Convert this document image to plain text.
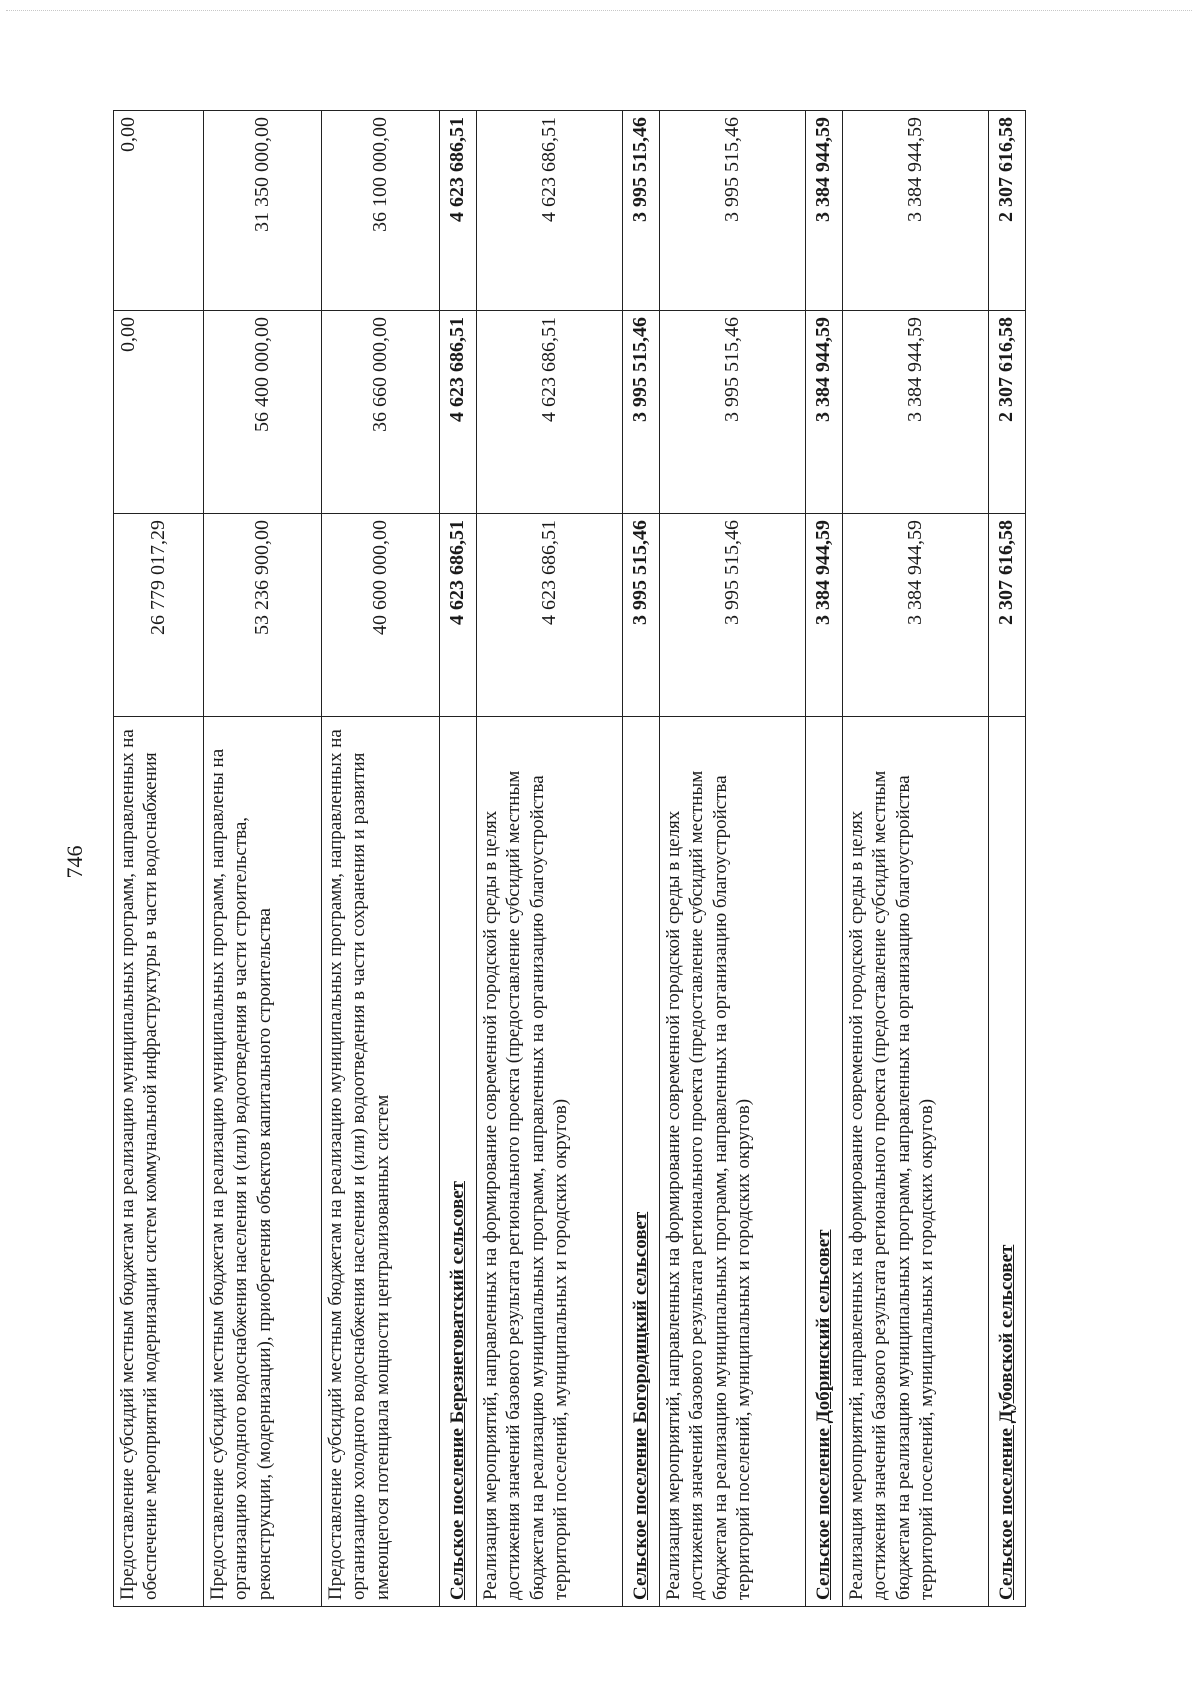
746 Предоставление субсидий местным бюджетам на реализацию муниципальных программ, направленных на обеспечение мероприятий модернизации систем коммунальной инфраструктуры в части водоснабжения	26 779 017,29	0,00	0,00
Предоставление субсидий местным бюджетам на реализацию муниципальных программ, направлены на организацию холодного водоснабжения населения и (или) водоотведения в части строительства, реконструкции, (модернизации), приобретения объектов капитального строительства	53 236 900,00	56 400 000,00	31 350 000,00
Предоставление субсидий местным бюджетам на реализацию муниципальных программ, направленных на организацию холодного водоснабжения населения и (или) водоотведения в части сохранения и развития имеющегося потенциала мощности централизованных систем	40 600 000,00	36 660 000,00	36 100 000,00
Сельское поселение Березнеговатский сельсовет	4 623 686,51	4 623 686,51	4 623 686,51
Реализация мероприятий, направленных на формирование современной городской среды в целях достижения значений базового результата регионального проекта (предоставление субсидий местным бюджетам на реализацию муниципальных программ, направленных на организацию благоустройства территорий поселений, муниципальных и городских округов)	4 623 686,51	4 623 686,51	4 623 686,51
Сельское поселение Богородицкий сельсовет	3 995 515,46	3 995 515,46	3 995 515,46
Реализация мероприятий, направленных на формирование современной городской среды в целях достижения значений базового результата регионального проекта (предоставление субсидий местным бюджетам на реализацию муниципальных программ, направленных на организацию благоустройства территорий поселений, муниципальных и городских округов)	3 995 515,46	3 995 515,46	3 995 515,46
Сельское поселение Добринский сельсовет	3 384 944,59	3 384 944,59	3 384 944,59
Реализация мероприятий, направленных на формирование современной городской среды в целях достижения значений базового результата регионального проекта (предоставление субсидий местным бюджетам на реализацию муниципальных программ, направленных на организацию благоустройства территорий поселений, муниципальных и городских округов)	3 384 944,59	3 384 944,59	3 384 944,59
Сельское поселение Дубовской сельсовет	2 307 616,58	2 307 616,58	2 307 616,58
